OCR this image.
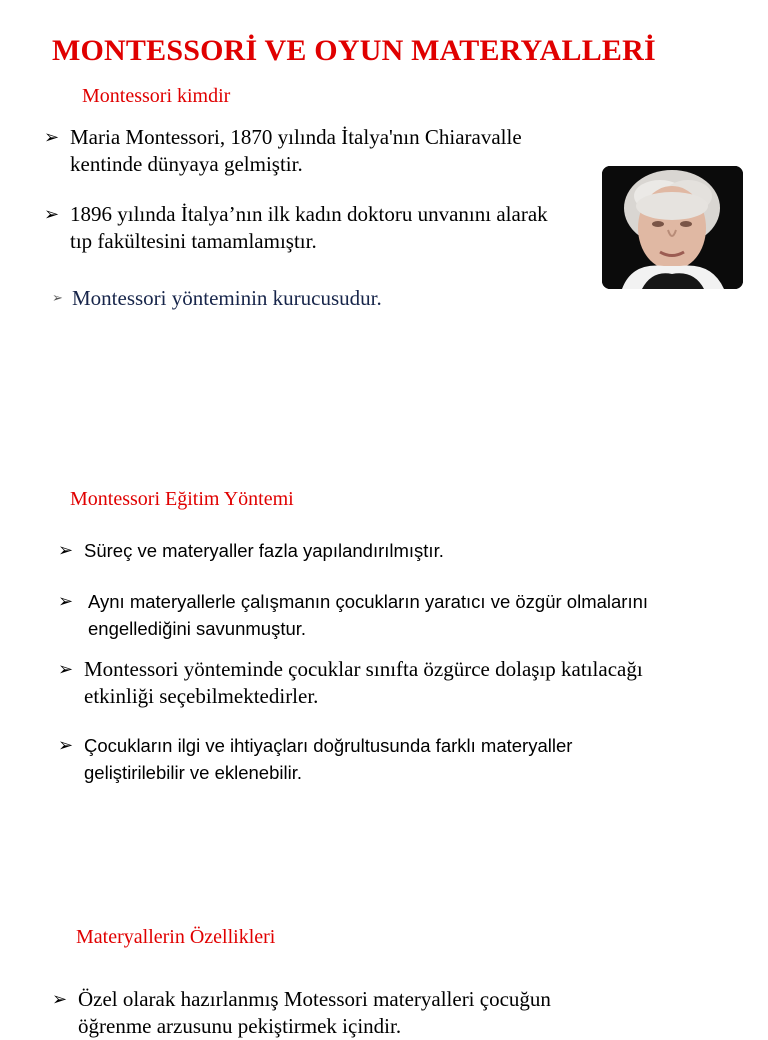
MONTESSORİ VE OYUN MATERYALLERİ
Montessori kimdir
➢ Maria Montessori, 1870 yılında İtalya'nın Chiaravalle kentinde dünyaya gelmiştir.
➢ 1896 yılında İtalya’nın ilk kadın doktoru unvanını alarak tıp fakültesini tamamlamıştır.
➢ Montessori yönteminin kurucusudur.
Montessori Eğitim Yöntemi
➢ Süreç ve materyaller fazla yapılandırılmıştır.
➢ Aynı materyallerle çalışmanın çocukların yaratıcı ve özgür olmalarını engellediğini savunmuştur.
➢ Montessori yönteminde çocuklar sınıfta özgürce dolaşıp katılacağı etkinliği seçebilmektedirler.
➢ Çocukların ilgi ve ihtiyaçları doğrultusunda farklı materyaller geliştirilebilir ve eklenebilir.
Materyallerin Özellikleri
➢ Özel olarak hazırlanmış Motessori materyalleri çocuğun öğrenme arzusunu pekiştirmek içindir.
